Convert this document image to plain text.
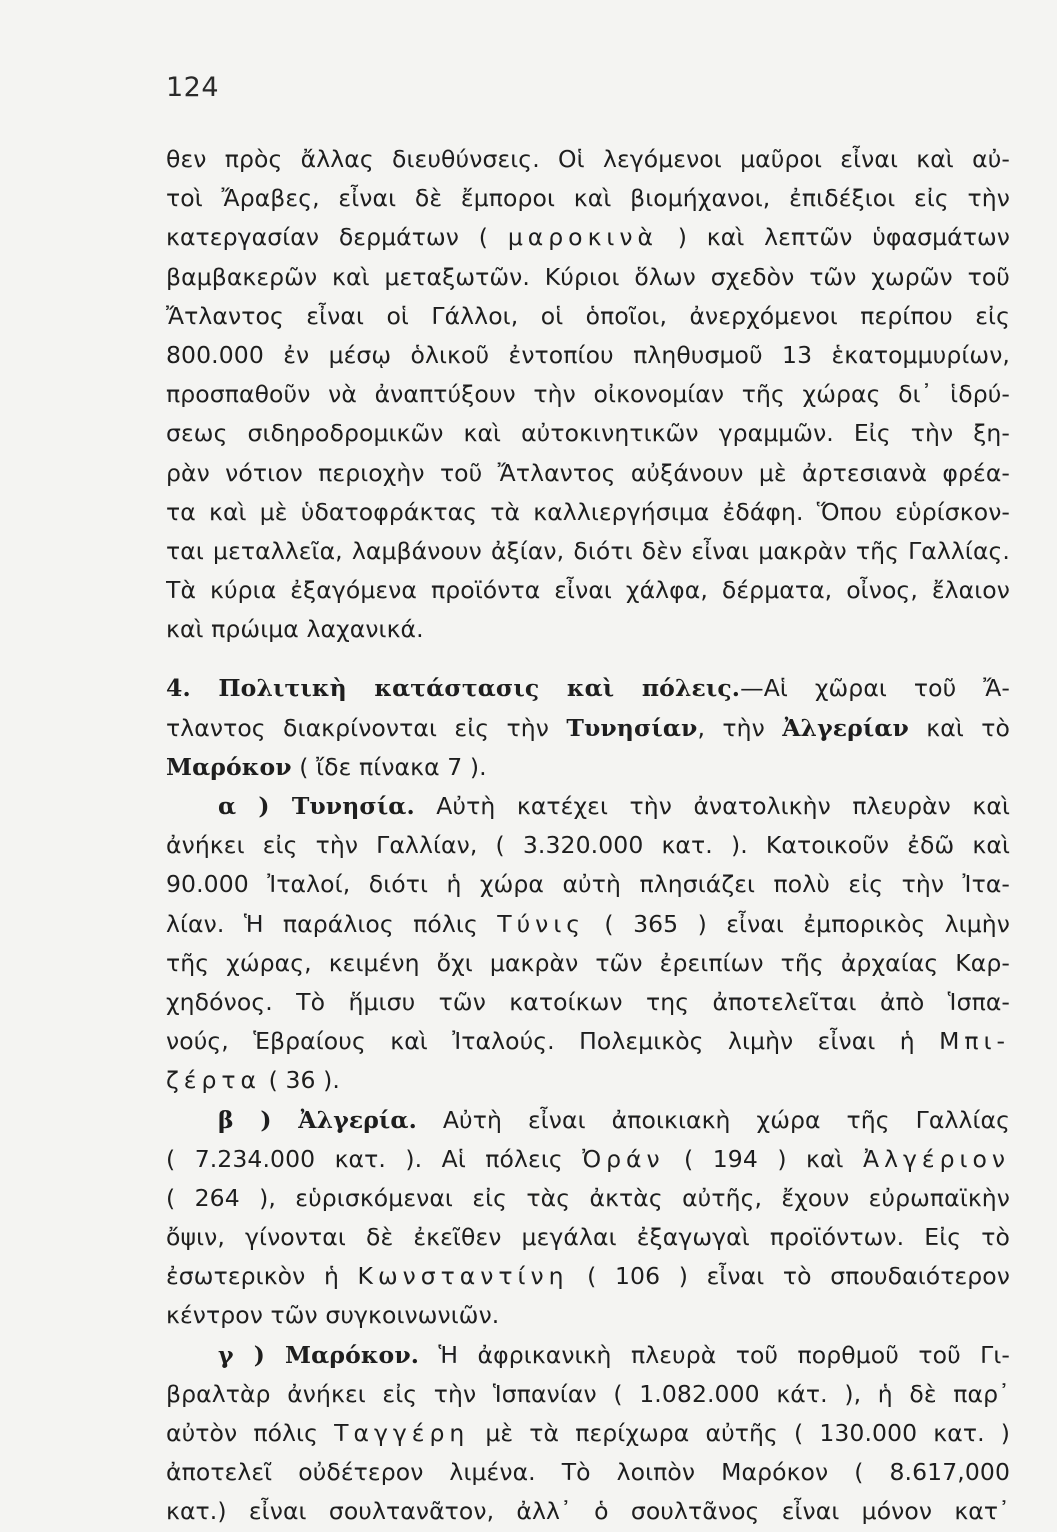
124
θεν πρὸς ἄλλας διευθύνσεις. Οἱ λεγόμενοι μαῦροι εἶναι καὶ αὐ-
τοὶ Ἄραβες, εἶναι δὲ ἔμποροι καὶ βιομήχανοι, ἐπιδέξιοι εἰς τὴν
κατεργασίαν δερμάτων ( μαροκινὰ ) καὶ λεπτῶν ὑφασμάτων
βαμβακερῶν καὶ μεταξωτῶν. Κύριοι ὅλων σχεδὸν τῶν χωρῶν τοῦ
Ἄτλαντος εἶναι οἱ Γάλλοι, οἱ ὁποῖοι, ἀνερχόμενοι περίπου εἰς
800.000 ἐν μέσῳ ὁλικοῦ ἐντοπίου πληθυσμοῦ 13 ἑκατομμυρίων,
προσπαθοῦν νὰ ἀναπτύξουν τὴν οἰκονομίαν τῆς χώρας δι᾽ ἱδρύ-
σεως σιδηροδρομικῶν καὶ αὐτοκινητικῶν γραμμῶν. Εἰς τὴν ξη-
ρὰν νότιον περιοχὴν τοῦ Ἄτλαντος αὐξάνουν μὲ ἀρτεσιανὰ φρέα-
τα καὶ μὲ ὑδατοφράκτας τὰ καλλιεργήσιμα ἐδάφη. Ὅπου εὑρίσκον-
ται μεταλλεῖα, λαμβάνουν ἀξίαν, διότι δὲν εἶναι μακρὰν τῆς Γαλλίας.
Τὰ κύρια ἐξαγόμενα προϊόντα εἶναι χάλφα, δέρματα, οἶνος, ἔλαιον
καὶ πρώιμα λαχανικά.
4. Πολιτικὴ κατάστασις καὶ πόλεις.—Αἱ χῶραι τοῦ Ἄ-
τλαντος διακρίνονται εἰς τὴν Τυνησίαν, τὴν Ἀλγερίαν καὶ τὸ
Μαρόκον ( ἴδε πίνακα 7 ).
α ) Τυνησία. Αὐτὴ κατέχει τὴν ἀνατολικὴν πλευρὰν καὶ
ἀνήκει εἰς τὴν Γαλλίαν, ( 3.320.000 κατ. ). Κατοικοῦν ἐδῶ καὶ
90.000 Ἰταλοί, διότι ἡ χώρα αὐτὴ πλησιάζει πολὺ εἰς τὴν Ἰτα-
λίαν. Ἡ παράλιος πόλις Τύνις ( 365 ) εἶναι ἐμπορικὸς λιμὴν
τῆς χώρας, κειμένη ὄχι μακρὰν τῶν ἐρειπίων τῆς ἀρχαίας Καρ-
χηδόνος. Τὸ ἥμισυ τῶν κατοίκων της ἀποτελεῖται ἀπὸ Ἱσπα-
νούς, Ἑβραίους καὶ Ἰταλούς. Πολεμικὸς λιμὴν εἶναι ἡ Μπι-
ζέρτα ( 36 ).
β ) Ἀλγερία. Αὐτὴ εἶναι ἀποικιακὴ χώρα τῆς Γαλλίας
( 7.234.000 κατ. ). Αἱ πόλεις Ὀράν ( 194 ) καὶ Ἀλγέριον
( 264 ), εὑρισκόμεναι εἰς τὰς ἀκτὰς αὐτῆς, ἔχουν εὐρωπαϊκὴν
ὄψιν, γίνονται δὲ ἐκεῖθεν μεγάλαι ἐξαγωγαὶ προϊόντων. Εἰς τὸ
ἐσωτερικὸν ἡ Κωνσταντίνη ( 106 ) εἶναι τὸ σπουδαιότερον
κέντρον τῶν συγκοινωνιῶν.
γ ) Μαρόκον. Ἡ ἀφρικανικὴ πλευρὰ τοῦ πορθμοῦ τοῦ Γι-
βραλτὰρ ἀνήκει εἰς τὴν Ἱσπανίαν ( 1.082.000 κάτ. ), ἡ δὲ παρ᾽
αὐτὸν πόλις Ταγγέρη μὲ τὰ περίχωρα αὐτῆς ( 130.000 κατ. )
ἀποτελεῖ οὐδέτερον λιμένα. Τὸ λοιπὸν Μαρόκον ( 8.617,000
κατ.) εἶναι σουλτανᾶτον, ἀλλ᾽ ὁ σουλτᾶνος εἶναι μόνον κατ᾽
